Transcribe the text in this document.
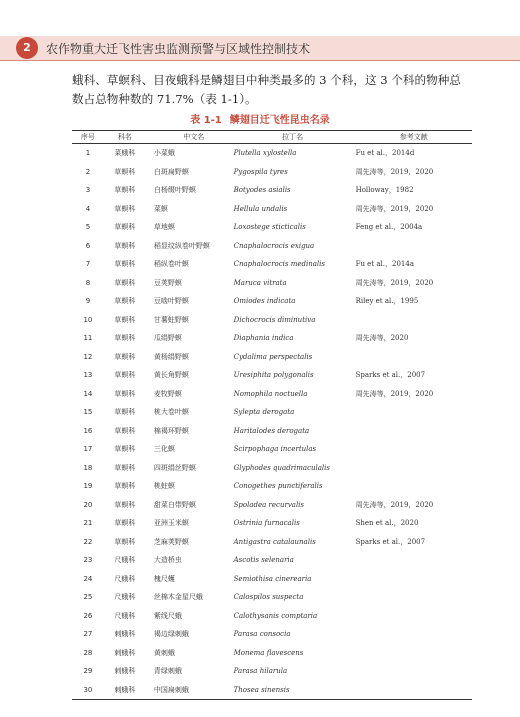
2	农作物重大迁飞性害虫监测预警与区域性控制技术

蛾科、草螟科、目夜蛾科是鳞翅目中种类最多的 3 个科，这 3 个科的物种总数占总物种数的 71.7%（表 1-1）。

表 1-1 鳞翅目迁飞性昆虫名录
序号	科名	中文名	拉丁名	参考文献
1	菜蛾科	小菜蛾	Plutella xylostella	Fu et al.，2014d
2	草螟科	白斑扁野螟	Pygospila tyres	周先涛等，2019，2020
3	草螟科	白杨缀叶野螟	Botyodes asialis	Holloway，1982
4	草螟科	菜螟	Hellula undalis	周先涛等，2019，2020
5	草螟科	草地螟	Loxostege sticticalis	Feng et al.，2004a
6	草螟科	稻显纹纵卷叶野螟	Cnaphalocrocis exigua	
7	草螟科	稻纵卷叶螟	Cnaphalocrocis medinalis	Fu et al.，2014a
8	草螟科	豆荚野螟	Maruca vitrata	周先涛等，2019，2020
9	草螟科	豆啮叶野螟	Omiodes indicata	Riley et al.，1995
10	草螟科	甘薯蛀野螟	Dichocrocis diminutiva	
11	草螟科	瓜绢野螟	Diaphania indica	周先涛等，2020
12	草螟科	黄杨绢野螟	Cydalima perspectalis	
13	草螟科	黄长角野螟	Uresiphita polygonalis	Sparks et al.，2007
14	草螟科	麦牧野螟	Nomophila noctuella	周先涛等，2019，2020
15	草螟科	桃大卷叶螟	Sylepta derogata	
16	草螟科	棉褐环野螟	Haritalodes derogata	
17	草螟科	三化螟	Scirpophaga incertulas	
18	草螟科	四斑绢丝野螟	Glyphodes quadrimaculalis	
19	草螟科	桃蛀螟	Conogethes punctiferalis	
20	草螟科	甜菜白带野螟	Spoladea recurvalis	周先涛等，2019，2020
21	草螟科	亚洲玉米螟	Ostrinia furnacalis	Shen et al.，2020
22	草螟科	芝麻荚野螟	Antigastra catalaunalis	Sparks et al.，2007
23	尺蛾科	大造桥虫	Ascotis selenaria	
24	尺蛾科	槐尺蠖	Semiothisa cinerearia	
25	尺蛾科	丝棉木金星尺蛾	Calospilos suspecta	
26	尺蛾科	紫线尺蛾	Calothysanis comptaria	
27	刺蛾科	褐边绿刺蛾	Parasa consocia	
28	刺蛾科	黄刺蛾	Monema flavescens	
29	刺蛾科	青绿刺蛾	Parasa hilarula	
30	刺蛾科	中国扁刺蛾	Thosea sinensis	
